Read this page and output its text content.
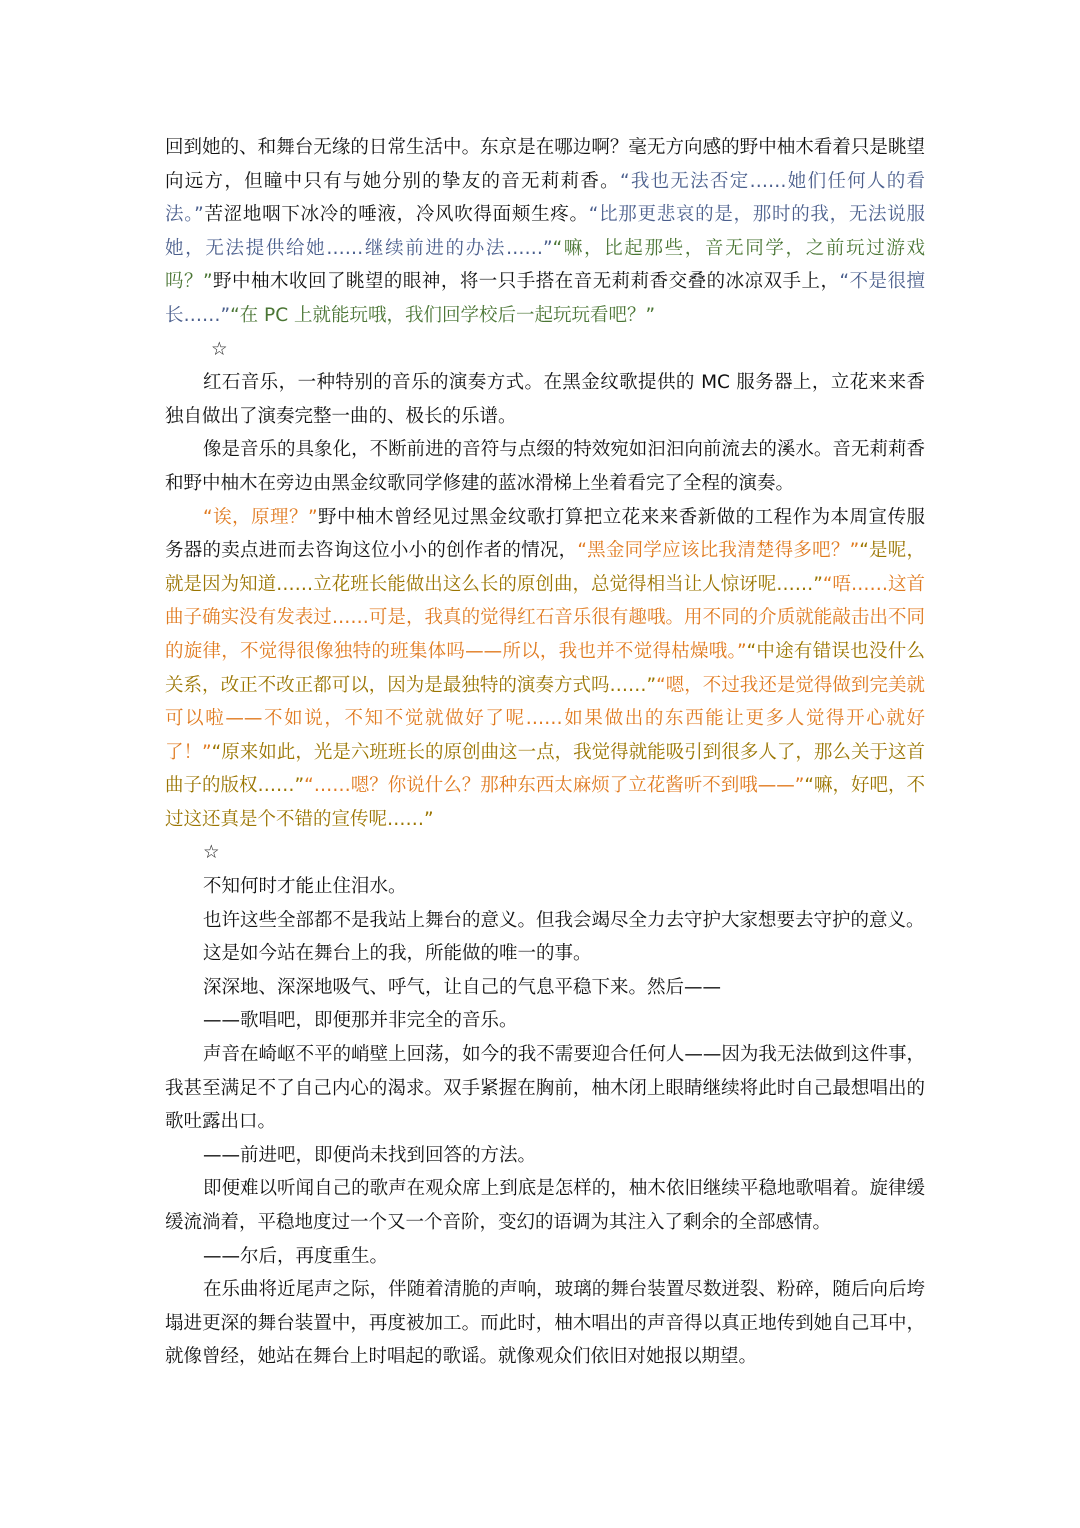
回到她的、和舞台无缘的日常生活中。东京是在哪边啊？毫无方向感的野中柚木看着只是眺望向远方，但瞳中只有与她分别的挚友的音无莉莉香。“我也无法否定……她们任何人的看法。”苦涩地咽下冰冷的唾液，冷风吹得面颊生疼。“比那更悲哀的是，那时的我，无法说服她，无法提供给她……继续前进的办法……”“嘛，比起那些，音无同学，之前玩过游戏吗？”野中柚木收回了眺望的眼神，将一只手搭在音无莉莉香交叠的冰凉双手上，“不是很擅长……”“在 PC 上就能玩哦，我们回学校后一起玩玩看吧？”

☆

红石音乐，一种特别的音乐的演奏方式。在黑金纹歌提供的 MC 服务器上，立花来来香独自做出了演奏完整一曲的、极长的乐谱。

像是音乐的具象化，不断前进的音符与点缀的特效宛如汩汩向前流去的溪水。音无莉莉香和野中柚木在旁边由黑金纹歌同学修建的蓝冰滑梯上坐着看完了全程的演奏。

“诶，原理？”野中柚木曾经见过黑金纹歌打算把立花来来香新做的工程作为本周宣传服务器的卖点进而去咨询这位小小的创作者的情况，“黑金同学应该比我清楚得多吧？”“是呢，就是因为知道……立花班长能做出这么长的原创曲，总觉得相当让人惊讶呢……”“唔……这首曲子确实没有发表过……可是，我真的觉得红石音乐很有趣哦。用不同的介质就能敲击出不同的旋律，不觉得很像独特的班集体吗——所以，我也并不觉得枯燥哦。”“中途有错误也没什么关系，改正不改正都可以，因为是最独特的演奏方式吗……”“嗯，不过我还是觉得做到完美就可以啦——不如说，不知不觉就做好了呢……如果做出的东西能让更多人觉得开心就好了！”“原来如此，光是六班班长的原创曲这一点，我觉得就能吸引到很多人了，那么关于这首曲子的版权……”“……嗯？你说什么？那种东西太麻烦了立花酱听不到哦——”“嘛，好吧，不过这还真是个不错的宣传呢……”

☆

不知何时才能止住泪水。

也许这些全部都不是我站上舞台的意义。但我会竭尽全力去守护大家想要去守护的意义。

这是如今站在舞台上的我，所能做的唯一的事。

深深地、深深地吸气、呼气，让自己的气息平稳下来。然后——

——歌唱吧，即便那并非完全的音乐。

声音在崎岖不平的峭壁上回荡，如今的我不需要迎合任何人——因为我无法做到这件事，我甚至满足不了自己内心的渴求。双手紧握在胸前，柚木闭上眼睛继续将此时自己最想唱出的歌吐露出口。

——前进吧，即便尚未找到回答的方法。

即便难以听闻自己的歌声在观众席上到底是怎样的，柚木依旧继续平稳地歌唱着。旋律缓缓流淌着，平稳地度过一个又一个音阶，变幻的语调为其注入了剩余的全部感情。

——尔后，再度重生。

在乐曲将近尾声之际，伴随着清脆的声响，玻璃的舞台装置尽数迸裂、粉碎，随后向后垮塌进更深的舞台装置中，再度被加工。而此时，柚木唱出的声音得以真正地传到她自己耳中，就像曾经，她站在舞台上时唱起的歌谣。就像观众们依旧对她报以期望。
